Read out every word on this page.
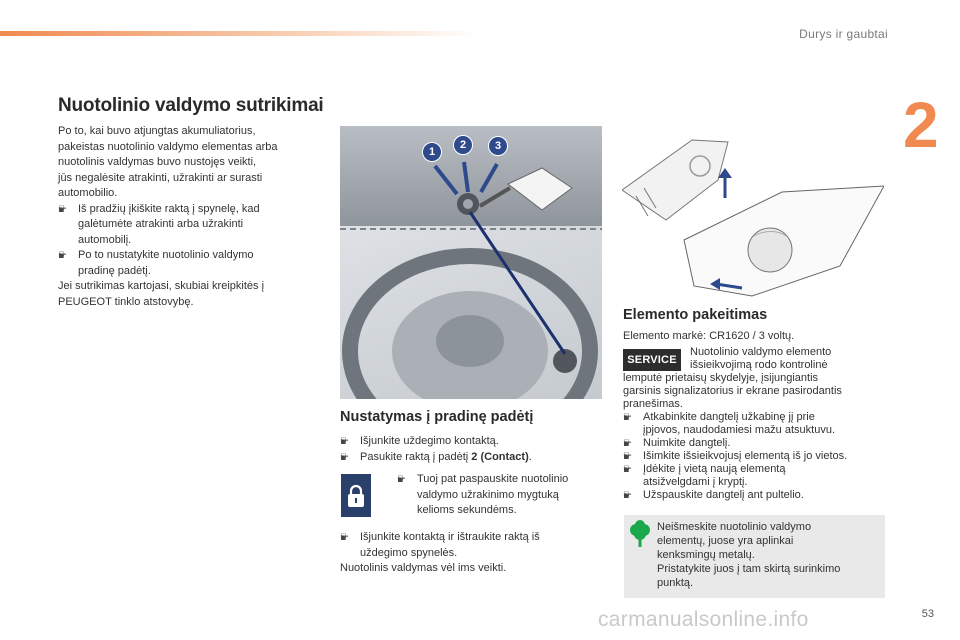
Durys ir gaubtai
2
Nuotolinio valdymo sutrikimai

Po to, kai buvo atjungtas akumuliatorius,

pakeistas nuotolinio valdymo elementas arba

nuotolinis valdymas buvo nustojęs veikti,

jūs negalėsite atrakinti, užrakinti ar surasti

automobilio.

☛ Iš pradžių įkiškite raktą į spynelę, kad
galėtumėte atrakinti arba užrakinti
automobilį.
☛ Po to nustatykite nuotolinio valdymo
pradinę padėtį.

Jei sutrikimas kartojasi, skubiai kreipkitės į

PEUGEOT tinklo atstovybę.

1
2	3
Nustatymas į pradinę padėtį
☛ Išjunkite uždegimo kontaktą.
☛ Pasukite raktą į padėtį 2 (Contact).
☛ Tuoj pat paspauskite nuotolinio
valdymo užrakinimo mygtuką
kelioms sekundėms.
☛ Išjunkite kontaktą ir ištraukite raktą iš
uždegimo spynelės.

Nuotolinis valdymas vėl ims veikti.

Elemento pakeitimas
Elemento markė: CR1620 / 3 voltų.
SERVICE
Nuotolinio valdymo elemento
išsieikvojimą rodo kontrolinė
lemputė prietaisų skydelyje, įsijungiantis
garsinis signalizatorius ir ekrane pasirodantis
pranešimas.
☛ Atkabinkite dangtelį užkabinę jį prie
įpjovos, naudodamiesi mažu atsuktuvu.
☛ Nuimkite dangtelį.
☛ Išimkite išsieikvojusį elementą iš jo vietos.
☛ Įdėkite į vietą naują elementą
atsižvelgdami į kryptį.
☛ Užspauskite dangtelį ant pultelio.
Neišmeskite nuotolinio valdymo
elementų, juose yra aplinkai
kenksmingų metalų.
Pristatykite juos į tam skirtą surinkimo
punktą.
carmanualsonline.info	53
